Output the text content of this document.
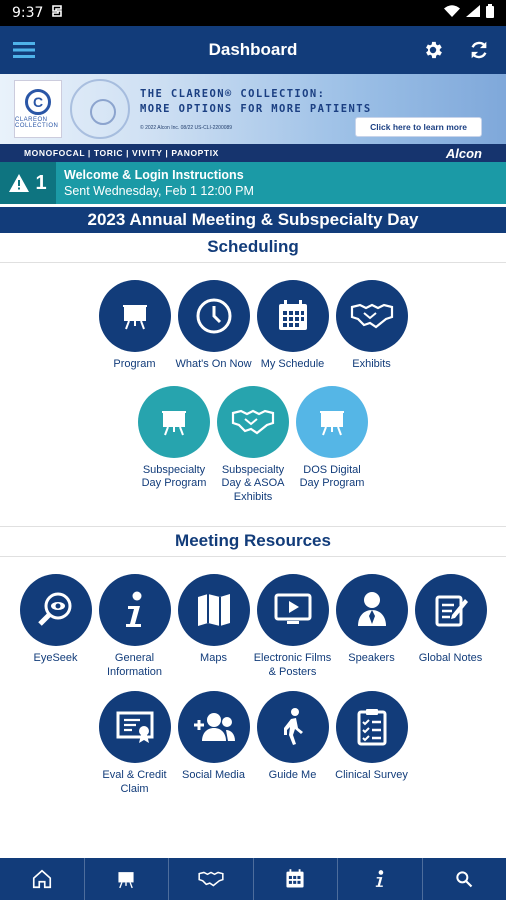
9:37
Dashboard
C
CLAREON COLLECTION
THE CLAREON® COLLECTION:
MORE OPTIONS FOR MORE PATIENTS
© 2022 Alcon Inc. 08/22 US-CLI-2200089	Click here to learn more
MONOFOCAL | TORIC | VIVITY | PANOPTIX	Alcon
1 Welcome & Login Instructions
Sent Wednesday, Feb 1 12:00 PM
2023 Annual Meeting & Subspecialty Day
Scheduling
Program	What's On Now My Schedule	Exhibits
Subspecialty Day Program
Subspecialty Day & ASOA Exhibits
DOS Digital Day Program
Meeting Resources
EyeSeek	General Information
Maps	Electronic Films & Posters
Speakers	Global Notes
Eval & Credit Claim
Social Media	Guide Me	Clinical Survey
